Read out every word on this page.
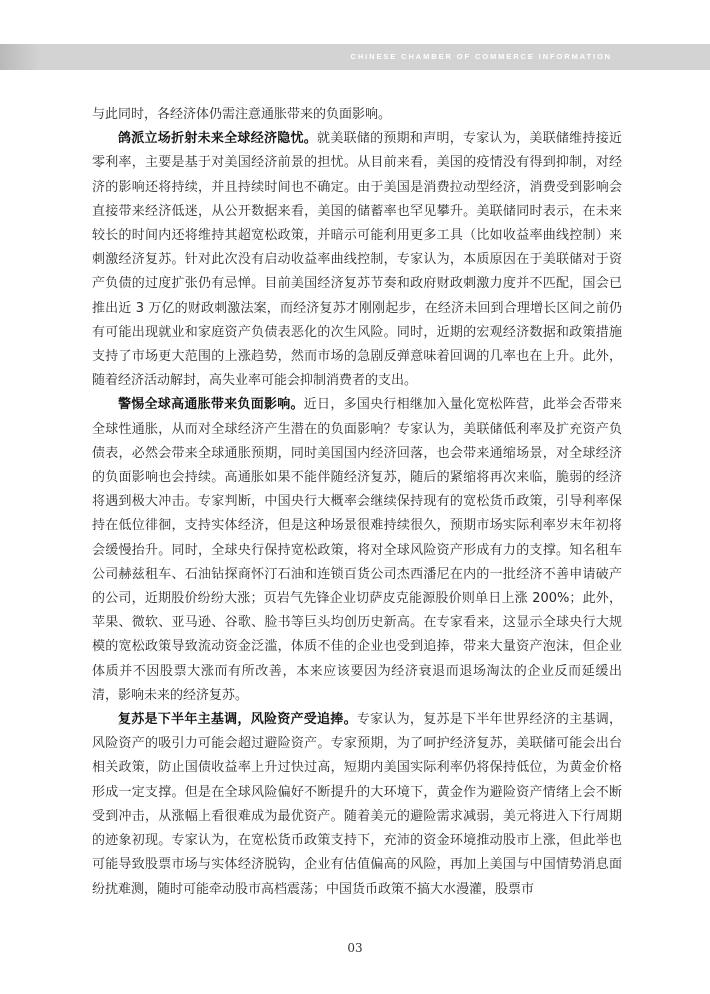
CHINESE CHAMBER OF COMMERCE INFORMATION

与此同时，各经济体仍需注意通胀带来的负面影响。

鸽派立场折射未来全球经济隐忧。就美联储的预期和声明，专家认为，美联储维持接近零利率，主要是基于对美国经济前景的担忧。从目前来看，美国的疫情没有得到抑制，对经济的影响还将持续，并且持续时间也不确定。由于美国是消费拉动型经济，消费受到影响会直接带来经济低迷，从公开数据来看，美国的储蓄率也罕见攀升。美联储同时表示，在未来较长的时间内还将维持其超宽松政策，并暗示可能利用更多工具（比如收益率曲线控制）来刺激经济复苏。针对此次没有启动收益率曲线控制，专家认为，本质原因在于美联储对于资产负债的过度扩张仍有忌惮。目前美国经济复苏节奏和政府财政刺激力度并不匹配，国会已推出近 3 万亿的财政刺激法案，而经济复苏才刚刚起步，在经济未回到合理增长区间之前仍有可能出现就业和家庭资产负债表恶化的次生风险。同时，近期的宏观经济数据和政策措施支持了市场更大范围的上涨趋势，然而市场的急剧反弹意味着回调的几率也在上升。此外，随着经济活动解封，高失业率可能会抑制消费者的支出。

警惕全球高通胀带来负面影响。近日，多国央行相继加入量化宽松阵营，此举会否带来全球性通胀，从而对全球经济产生潜在的负面影响？专家认为，美联储低利率及扩充资产负债表，必然会带来全球通胀预期，同时美国国内经济回落，也会带来通缩场景，对全球经济的负面影响也会持续。高通胀如果不能伴随经济复苏，随后的紧缩将再次来临，脆弱的经济将遇到极大冲击。专家判断，中国央行大概率会继续保持现有的宽松货币政策，引导利率保持在低位徘徊，支持实体经济，但是这种场景很难持续很久，预期市场实际利率岁末年初将会缓慢抬升。同时，全球央行保持宽松政策，将对全球风险资产形成有力的支撑。知名租车公司赫兹租车、石油钻探商怀汀石油和连锁百货公司杰西潘尼在内的一批经济不善申请破产的公司，近期股价纷纷大涨；页岩气先锋企业切萨皮克能源股价则单日上涨 200%；此外，苹果、微软、亚马逊、谷歌、脸书等巨头均创历史新高。在专家看来，这显示全球央行大规模的宽松政策导致流动资金泛滥，体质不佳的企业也受到追捧，带来大量资产泡沫，但企业体质并不因股票大涨而有所改善，本来应该要因为经济衰退而退场淘汰的企业反而延缓出清，影响未来的经济复苏。

复苏是下半年主基调，风险资产受追捧。专家认为，复苏是下半年世界经济的主基调，风险资产的吸引力可能会超过避险资产。专家预期，为了呵护经济复苏，美联储可能会出台相关政策，防止国债收益率上升过快过高，短期内美国实际利率仍将保持低位，为黄金价格形成一定支撑。但是在全球风险偏好不断提升的大环境下，黄金作为避险资产情绪上会不断受到冲击，从涨幅上看很难成为最优资产。随着美元的避险需求减弱，美元将进入下行周期的迹象初现。专家认为，在宽松货币政策支持下，充沛的资金环境推动股市上涨，但此举也可能导致股票市场与实体经济脱钩，企业有估值偏高的风险，再加上美国与中国情势消息面纷扰难测，随时可能牵动股市高档震荡；中国货币政策不搞大水漫灌，股票市

03
